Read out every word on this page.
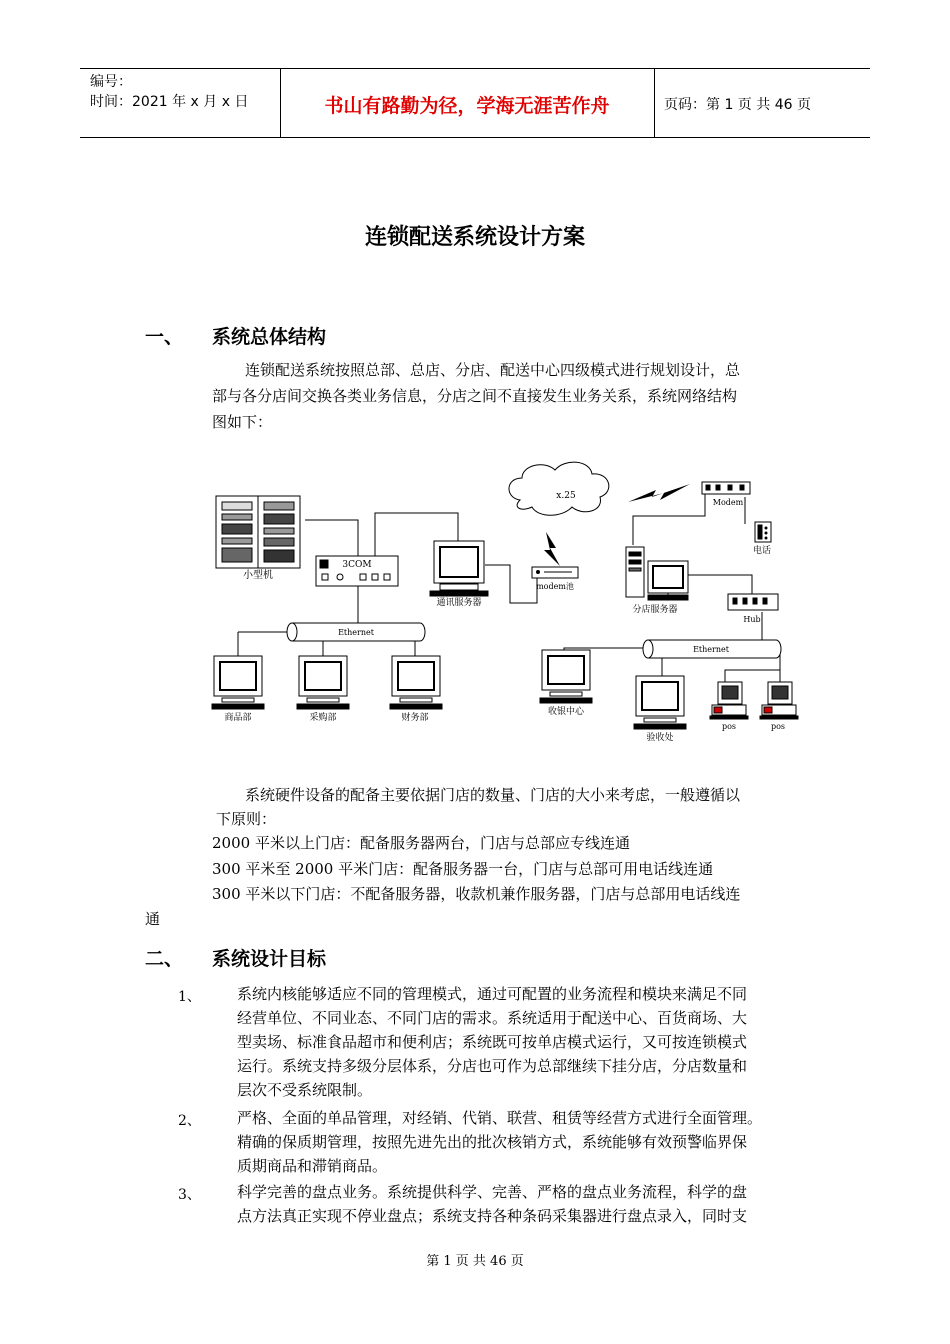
编号：
时间：2021 年 x 月 x 日	书山有路勤为径，学海无涯苦作舟	页码：第 1 页 共 46 页
连锁配送系统设计方案
一、 系统总体结构
连锁配送系统按照总部、总店、分店、配送中心四级模式进行规划设计，总
部与各分店间交换各类业务信息，分店之间不直接发生业务关系，系统网络结构
图如下：
小型机
3COM
通讯服务器
x.25
modem池
Modem
电话
分店服务器
Hub
Ethernet
Ethernet
商品部	采购部	财务部
收银中心
验收处
pos	pos
系统硬件设备的配备主要依据门店的数量、门店的大小来考虑，一般遵循以
下原则：
2000 平米以上门店：配备服务器两台，门店与总部应专线连通
300 平米至 2000 平米门店：配备服务器一台，门店与总部可用电话线连通
300 平米以下门店：不配备服务器，收款机兼作服务器，门店与总部用电话线连
通
二、 系统设计目标
1、 系统内核能够适应不同的管理模式，通过可配置的业务流程和模块来满足不同
经营单位、不同业态、不同门店的需求。系统适用于配送中心、百货商场、大
型卖场、标准食品超市和便利店；系统既可按单店模式运行，又可按连锁模式
运行。系统支持多级分层体系，分店也可作为总部继续下挂分店，分店数量和
层次不受系统限制。
2、 严格、全面的单品管理，对经销、代销、联营、租赁等经营方式进行全面管理。
精确的保质期管理，按照先进先出的批次核销方式，系统能够有效预警临界保
质期商品和滞销商品。
3、 科学完善的盘点业务。系统提供科学、完善、严格的盘点业务流程，科学的盘
点方法真正实现不停业盘点；系统支持各种条码采集器进行盘点录入，同时支
第 1 页 共 46 页
